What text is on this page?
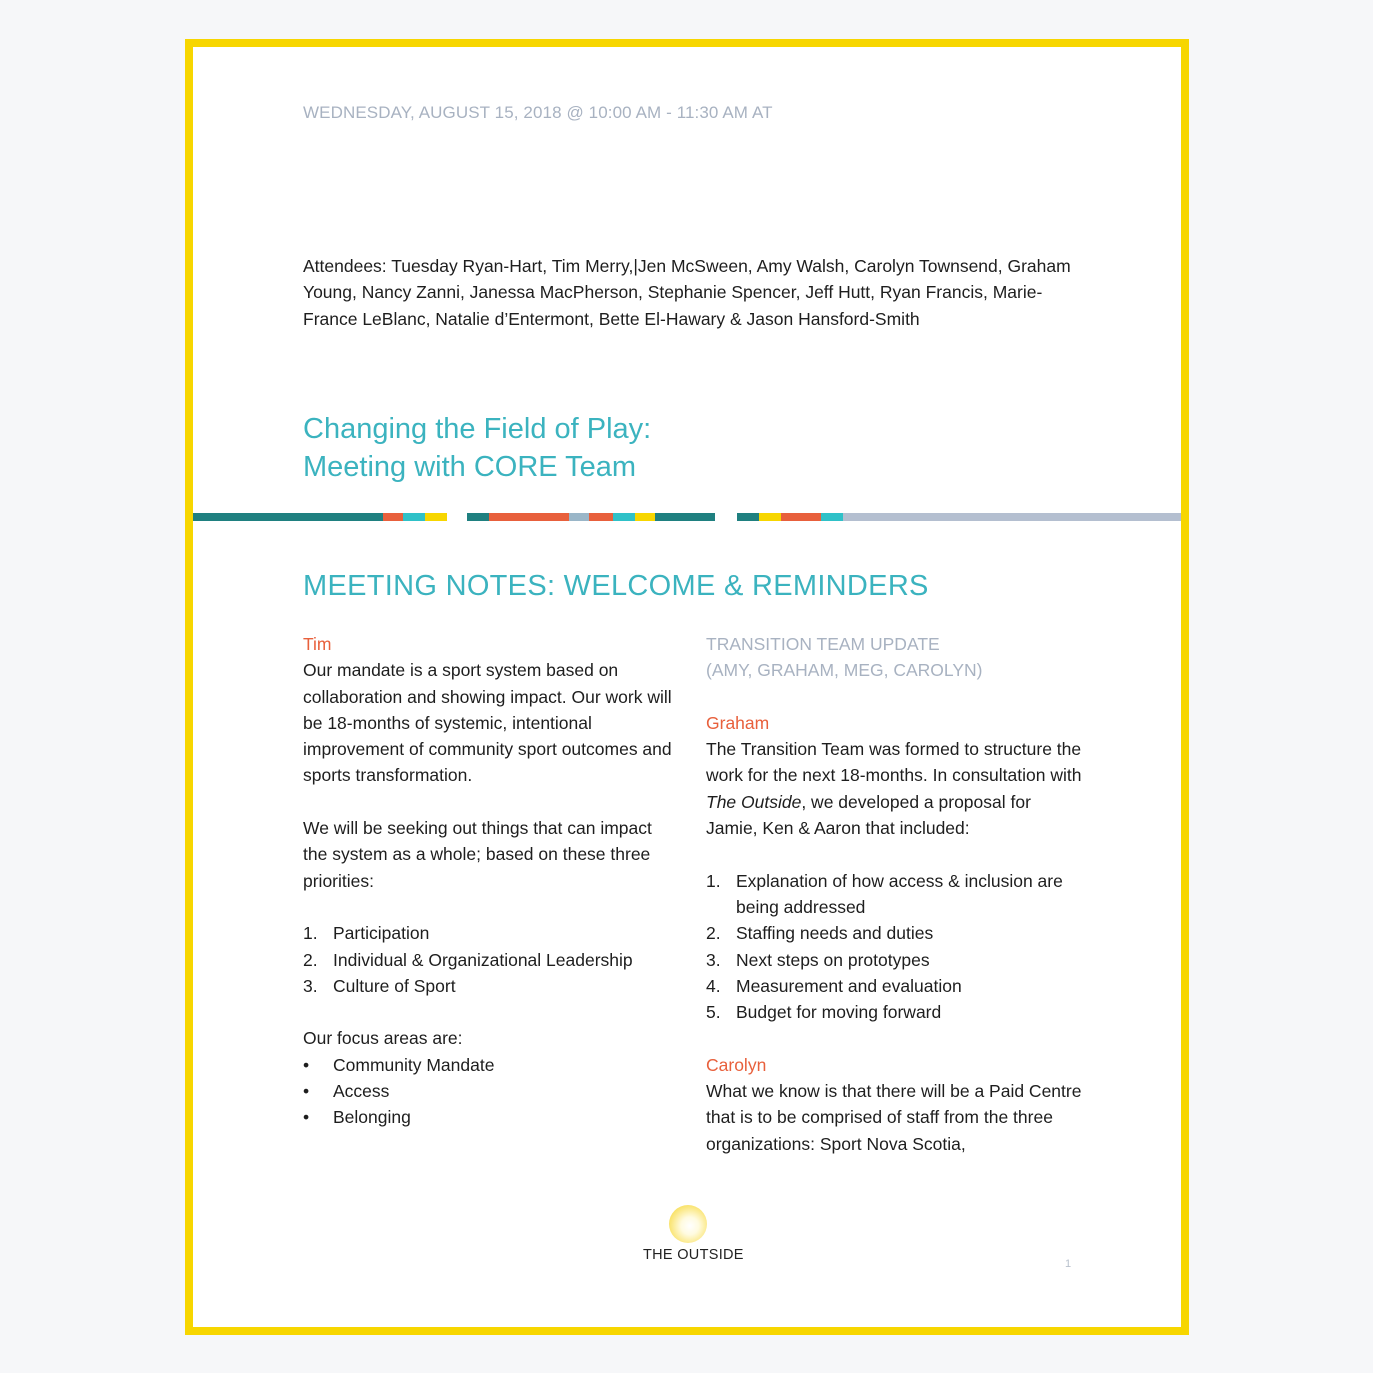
WEDNESDAY, AUGUST 15, 2018 @ 10:00 AM - 11:30 AM AT

Attendees: Tuesday Ryan-Hart, Tim Merry,|Jen McSween, Amy Walsh, Carolyn Townsend, Graham Young, Nancy Zanni, Janessa MacPherson, Stephanie Spencer, Jeff Hutt, Ryan Francis, Marie-France LeBlanc, Natalie d’Entermont, Bette El-Hawary & Jason Hansford-Smith

Changing the Field of Play:
Meeting with CORE Team
MEETING NOTES: WELCOME & REMINDERS

Tim

Our mandate is a sport system based on collaboration and showing impact. Our work will be 18-months of systemic, intentional improvement of community sport outcomes and sports transformation.

We will be seeking out things that can impact the system as a whole; based on these three priorities:

1. Participation
2. Individual & Organizational Leadership
3. Culture of Sport

Our focus areas are:

•	Community Mandate
•	Access
•	Belonging

TRANSITION TEAM UPDATE

(AMY, GRAHAM, MEG, CAROLYN)

Graham

The Transition Team was formed to structure the work for the next 18-months. In consultation with The Outside, we developed a proposal for Jamie, Ken & Aaron that included:

1. Explanation of how access & inclusion are being addressed
2. Staffing needs and duties
3. Next steps on prototypes
4. Measurement and evaluation
5. Budget for moving forward

Carolyn

What we know is that there will be a Paid Centre that is to be comprised of staff from the three organizations: Sport Nova Scotia,

THE OUTSIDE

1
